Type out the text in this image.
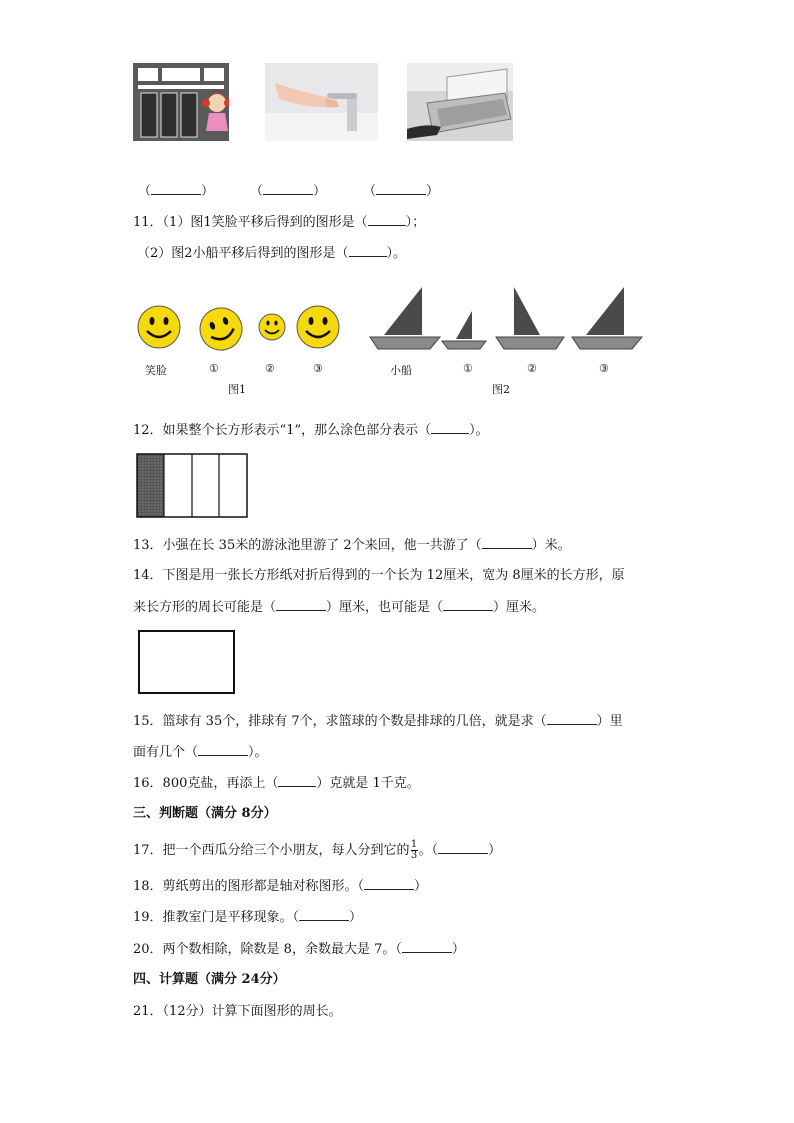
（	）	（	）	（	）
11．（1）图1笑脸平移后得到的图形是（	）；
（2）图2小船平移后得到的图形是（	）。
笑脸	①	②	③
图1
小船	①	②	③
图2
12．如果整个长方形表示“1”，那么涂色部分表示（	）。
13．小强在长 35米的游泳池里游了 2个来回，他一共游了（	）米。
14．下图是用一张长方形纸对折后得到的一个长为 12厘米，宽为 8厘米的长方形，原
来长方形的周长可能是（	）厘米，也可能是（	）厘米。
15．篮球有 35个，排球有 7个，求篮球的个数是排球的几倍，就是求（	）里
面有几个（	）。
16．800克盐，再添上（	）克就是 1千克。
三、判断题（满分 8分）
17．把一个西瓜分给三个小朋友，每人分到它的 $\frac{1}{3}$ 。（	）
18．剪纸剪出的图形都是轴对称图形。（	）
19．推教室门是平移现象。（	）
20．两个数相除，除数是 8，余数最大是 7。（	）
四、计算题（满分 24分）
21．（12分）计算下面图形的周长。
